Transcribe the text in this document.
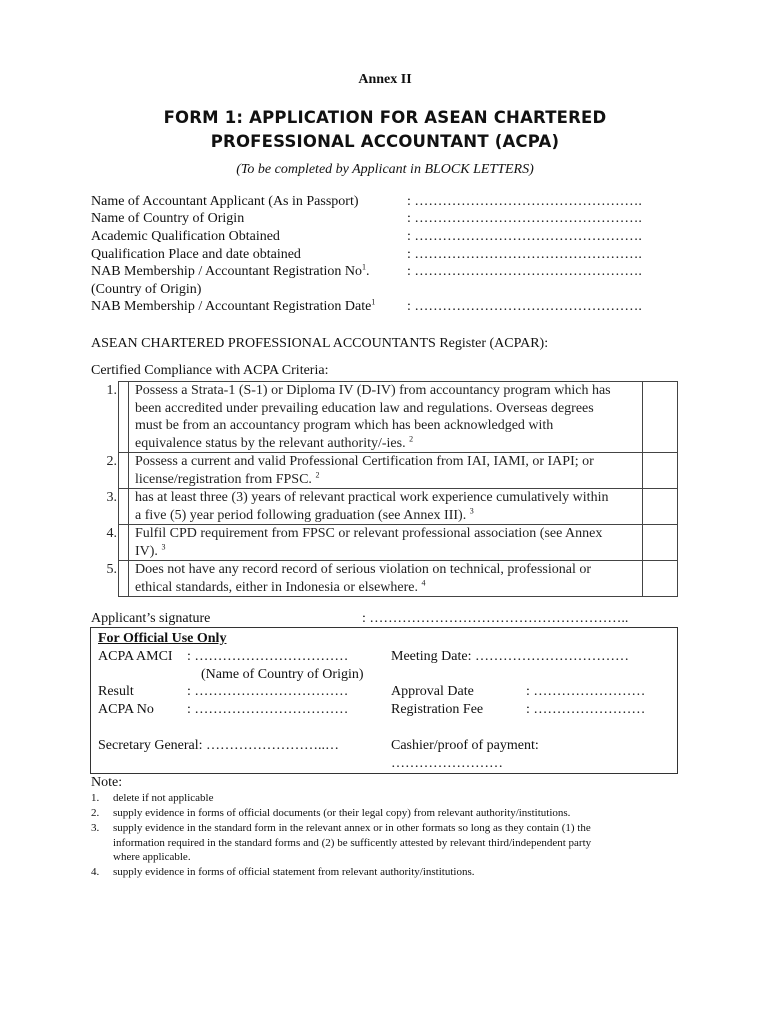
Annex II
FORM 1: APPLICATION FOR ASEAN CHARTERED
PROFESSIONAL ACCOUNTANT (ACPA)
(To be completed by Applicant in BLOCK LETTERS)
Name of Accountant Applicant (As in Passport)	: ………………………………………….
Name of Country of Origin	: ………………………………………….
Academic Qualification Obtained	: ………………………………………….
Qualification Place and date obtained	: ………………………………………….
NAB Membership / Accountant Registration No$^1$.	: ………………………………………….
(Country of Origin)
NAB Membership / Accountant Registration Date$^1$ : ………………………………………….
ASEAN CHARTERED PROFESSIONAL ACCOUNTANTS Register (ACPAR):
Certified Compliance with ACPA Criteria:
1.		Possess a Strata-1 (S-1) or Diploma IV (D-IV) from accountancy program which has
been accredited under prevailing education law and regulations. Overseas degrees
must be from an accountancy program which has been acknowledged with
equivalence status by the relevant authority/-ies. $^2$	

2.		Possess a current and valid Professional Certification from IAI, IAMI, or IAPI; or
license/registration from FPSC. $^2$	

3.		has at least three (3) years of relevant practical work experience cumulatively within
a five (5) year period following graduation (see Annex III). $^3$	

4.		Fulfil CPD requirement from FPSC or relevant professional association (see Annex
IV). $^3$	

5.		Does not have any record record of serious violation on technical, professional or
ethical standards, either in Indonesia or elsewhere. $^4$	
Applicant’s signature	: ………………………………………………..
For Official Use Only
ACPA AMCI : ……………………………	Meeting Date: ……………………………
(Name of Country of Origin)
Result	: ……………………………	Approval Date	: ……………………
ACPA No : ……………………………	Registration Fee	: ……………………
Secretary General: ……………………..…	Cashier/proof of payment:
……………………
Note:
1. delete if not applicable
2. supply evidence in forms of official documents (or their legal copy) from relevant authority/institutions.
3. supply evidence in the standard form in the relevant annex or in other formats so long as they contain (1) the
information required in the standard forms and (2) be sufficently attested by relevant third/independent party
where applicable.
4. supply evidence in forms of official statement from relevant authority/institutions.
